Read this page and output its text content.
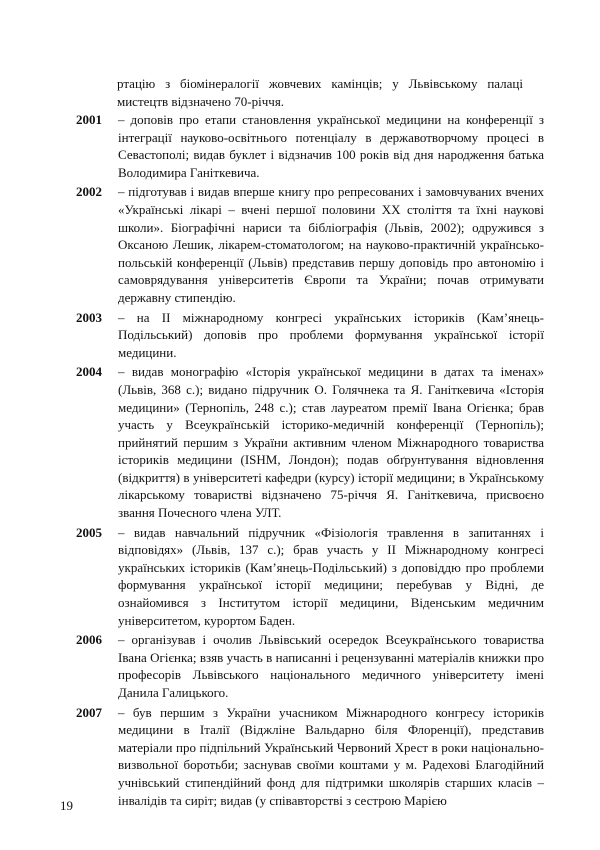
ртацію з біомінералогії жовчевих камінців; у Львівському палаці мистецтв відзначено 70-річчя.
2001 – доповів про етапи становлення української медицини на конференції з інтеграції науково-освітнього потенціалу в державотворчому процесі в Севастополі; видав буклет і відзначив 100 років від дня народження батька Володимира Ганіткевича.
2002 – підготував і видав вперше книгу про репресованих і замовчуваних вчених «Українські лікарі – вчені першої половини XX століття та їхні наукові школи». Біографічні нариси та бібліографія (Львів, 2002); одружився з Оксаною Лешик, лікарем-стоматологом; на науково-практичній українсько-польській конференції (Львів) представив першу доповідь про автономію і самоврядування університетів Європи та України; почав отримувати державну стипендію.
2003 – на II міжнародному конгресі українських істориків (Кам’янець-Подільський) доповів про проблеми формування української історії медицини.
2004 – видав монографію «Історія української медицини в датах та іменах» (Львів, 368 с.); видано підручник О. Голячнека та Я. Ганіткевича «Історія медицини» (Тернопіль, 248 с.); став лауреатом премії Івана Огієнка; брав участь у Всеукраїнській історико-медичній конференції (Тернопіль); прийнятий першим з України активним членом Міжнародного товариства істориків медицини (ISHM, Лондон); подав обґрунтування відновлення (відкриття) в університеті кафедри (курсу) історії медицини; в Українському лікарському товаристві відзначено 75-річчя Я. Ганіткевича, присвоєно звання Почесного члена УЛТ.
2005 – видав навчальний підручник «Фізіологія травлення в запитаннях і відповідях» (Львів, 137 с.); брав участь у II Міжнародному конгресі українських істориків (Кам’янець-Подільський) з доповіддю про проблеми формування української історії медицини; перебував у Відні, де ознайомився з Інститутом історії медицини, Віденським медичним університетом, курортом Баден.
2006 – організував і очолив Львівський осередок Всеукраїнського товариства Івана Огієнка; взяв участь в написанні і рецензуванні матеріалів книжки про професорів Львівського національного медичного університету імені Данила Галицького.
2007 – був першим з України учасником Міжнародного конгресу істориків медицини в Італії (Віджліне Вальдарно біля Флоренції), представив матеріали про підпільний Український Червоний Хрест в роки національно-визвольної боротьби; заснував своїми коштами у м. Радехові Благодійний учнівський стипендійний фонд для підтримки школярів старших класів – інвалідів та сиріт; видав (у співавторстві з сестрою Марією
19
